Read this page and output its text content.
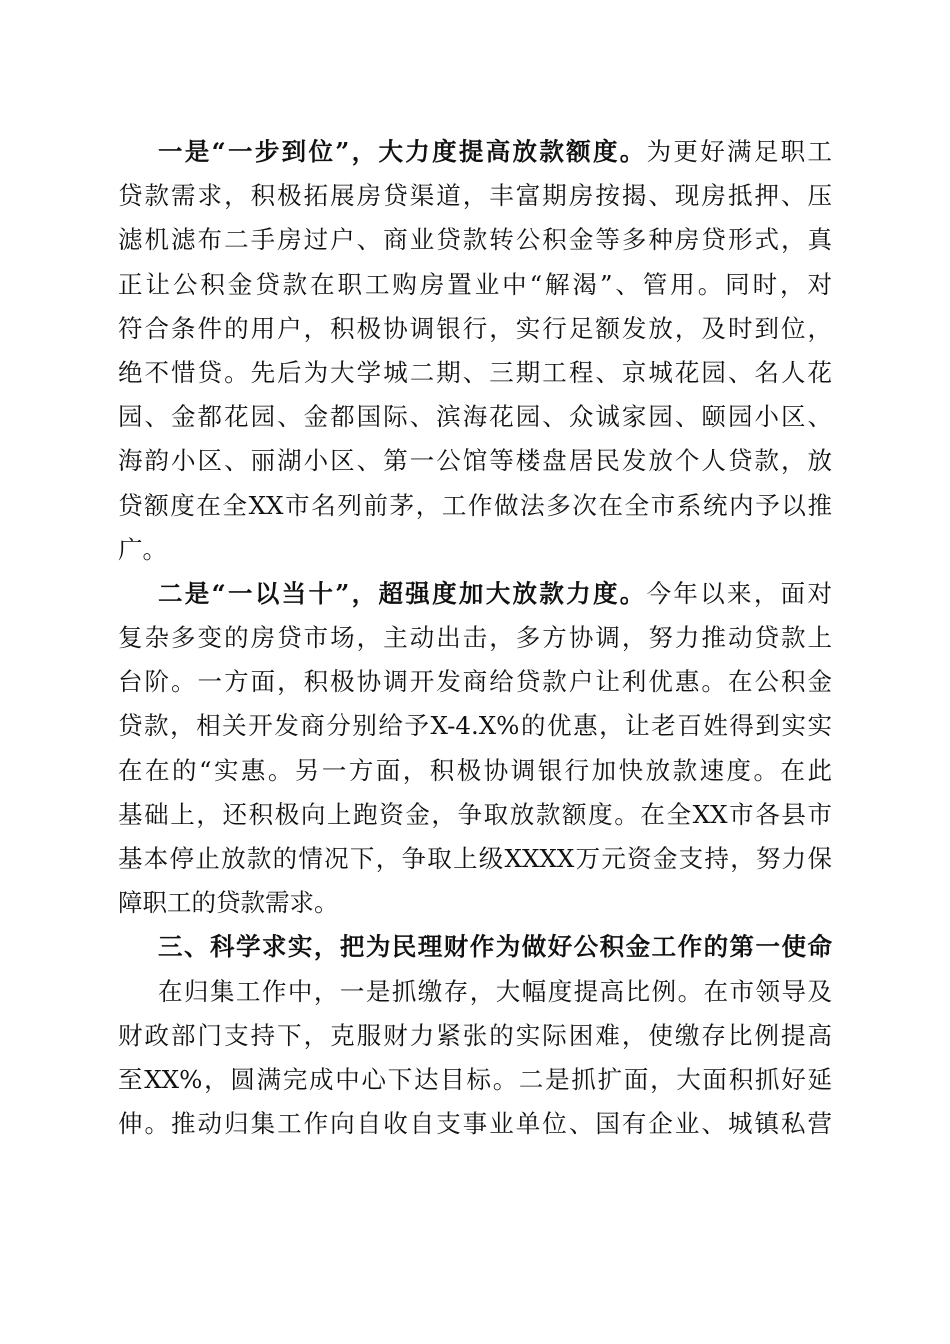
一是“一步到位”，大力度提高放款额度。为更好满足职工
贷款需求，积极拓展房贷渠道，丰富期房按揭、现房抵押、压
滤机滤布二手房过户、商业贷款转公积金等多种房贷形式，真
正让公积金贷款在职工购房置业中“解渴”、管用。同时，对
符合条件的用户，积极协调银行，实行足额发放，及时到位，
绝不惜贷。先后为大学城二期、三期工程、京城花园、名人花
园、金都花园、金都国际、滨海花园、众诚家园、颐园小区、
海韵小区、丽湖小区、第一公馆等楼盘居民发放个人贷款，放
贷额度在全XX市名列前茅，工作做法多次在全市系统内予以推
广。
二是“一以当十”，超强度加大放款力度。今年以来，面对
复杂多变的房贷市场，主动出击，多方协调，努力推动贷款上
台阶。一方面，积极协调开发商给贷款户让利优惠。在公积金
贷款，相关开发商分别给予X-4.X%的优惠，让老百姓得到实实
在在的“实惠。另一方面，积极协调银行加快放款速度。在此
基础上，还积极向上跑资金，争取放款额度。在全XX市各县市
基本停止放款的情况下，争取上级XXXX万元资金支持，努力保
障职工的贷款需求。
三、科学求实，把为民理财作为做好公积金工作的第一使命
在归集工作中，一是抓缴存，大幅度提高比例。在市领导及
财政部门支持下，克服财力紧张的实际困难，使缴存比例提高
至XX%，圆满完成中心下达目标。二是抓扩面，大面积抓好延
伸。推动归集工作向自收自支事业单位、国有企业、城镇私营
